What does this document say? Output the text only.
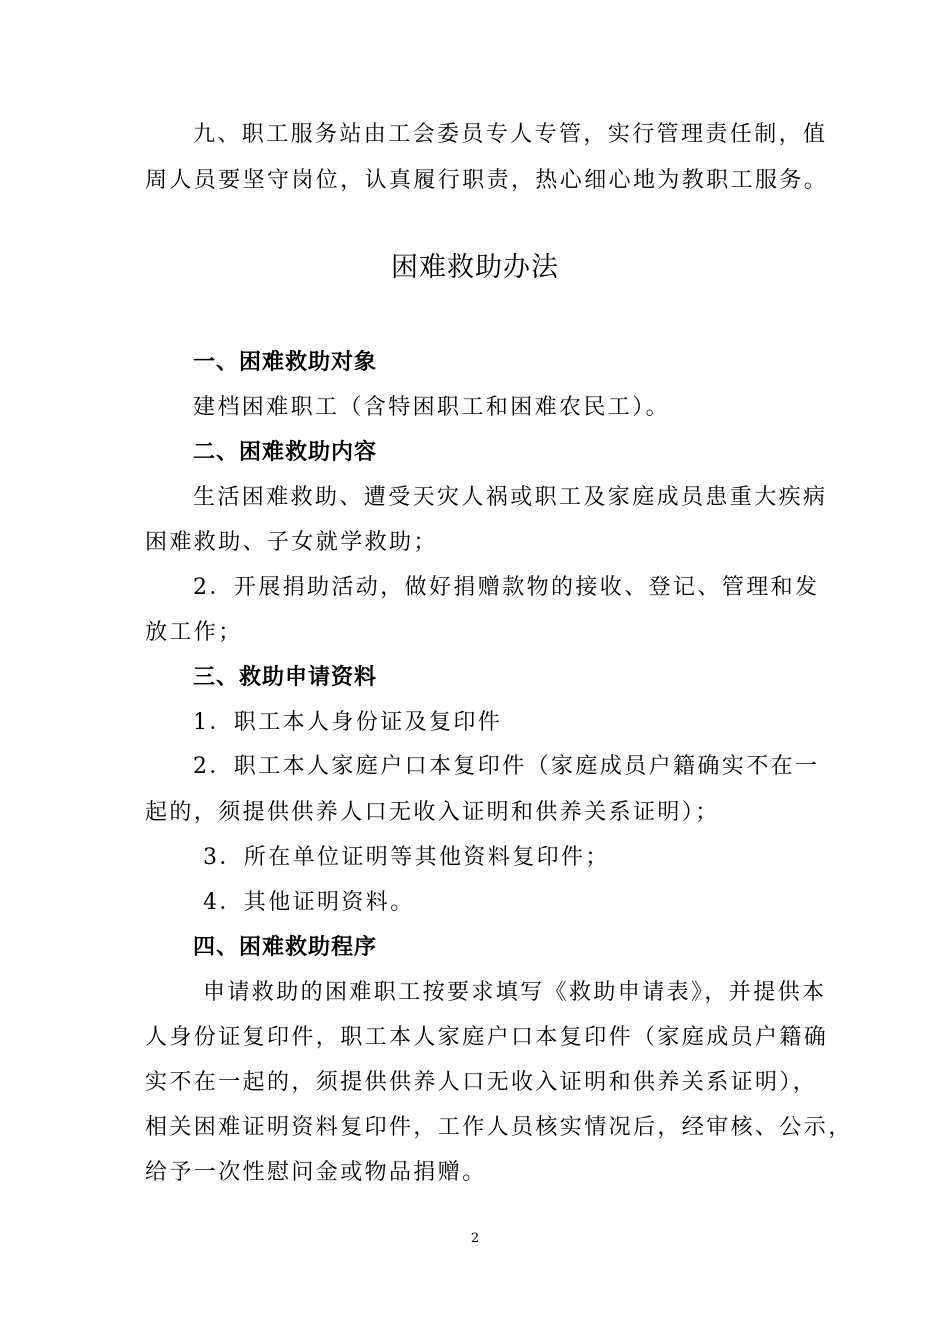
九、职工服务站由工会委员专人专管，实行管理责任制，值
周人员要坚守岗位，认真履行职责，热心细心地为教职工服务。
困难救助办法
一、困难救助对象
建档困难职工（含特困职工和困难农民工）。
二、困难救助内容
生活困难救助、遭受天灾人祸或职工及家庭成员患重大疾病
困难救助、子女就学救助；
2．开展捐助活动，做好捐赠款物的接收、登记、管理和发
放工作；
三、救助申请资料
1．职工本人身份证及复印件
2．职工本人家庭户口本复印件（家庭成员户籍确实不在一
起的，须提供供养人口无收入证明和供养关系证明）；
3．所在单位证明等其他资料复印件；
4．其他证明资料。
四、困难救助程序
申请救助的困难职工按要求填写《救助申请表》，并提供本
人身份证复印件，职工本人家庭户口本复印件（家庭成员户籍确
实不在一起的，须提供供养人口无收入证明和供养关系证明），
相关困难证明资料复印件，工作人员核实情况后，经审核、公示，
给予一次性慰问金或物品捐赠。
2
